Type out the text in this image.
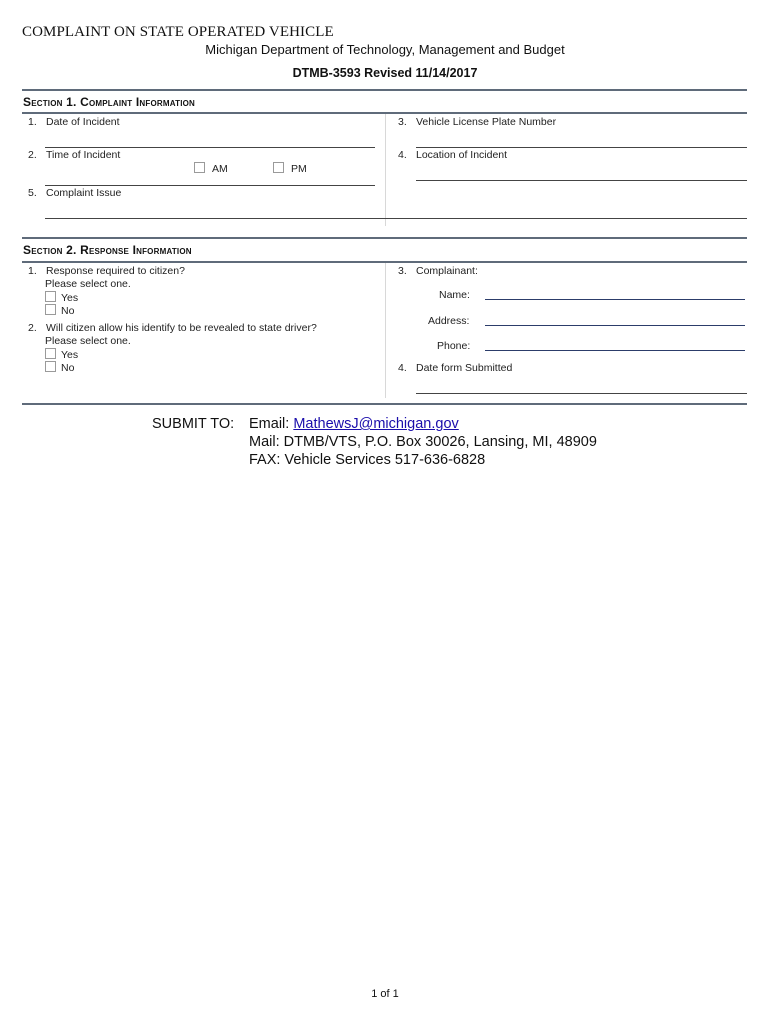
COMPLAINT ON STATE OPERATED VEHICLE
Michigan Department of Technology, Management and Budget
DTMB-3593 Revised 11/14/2017
Section 1. Complaint Information
1. Date of Incident	3. Vehicle License Plate Number
2. Time of Incident
AM	PM
4. Location of Incident
5. Complaint Issue
Section 2. Response Information
1. Response required to citizen?
Please select one.
Yes
No
2. Will citizen allow his identify to be revealed to state driver?
Please select one.
Yes
No
3. Complainant:
Name:
Address:
Phone:
4. Date form Submitted
SUBMIT TO: Email: MathewsJ@michigan.gov
Mail: DTMB/VTS, P.O. Box 30026, Lansing, MI, 48909
FAX: Vehicle Services 517-636-6828
1 of 1
